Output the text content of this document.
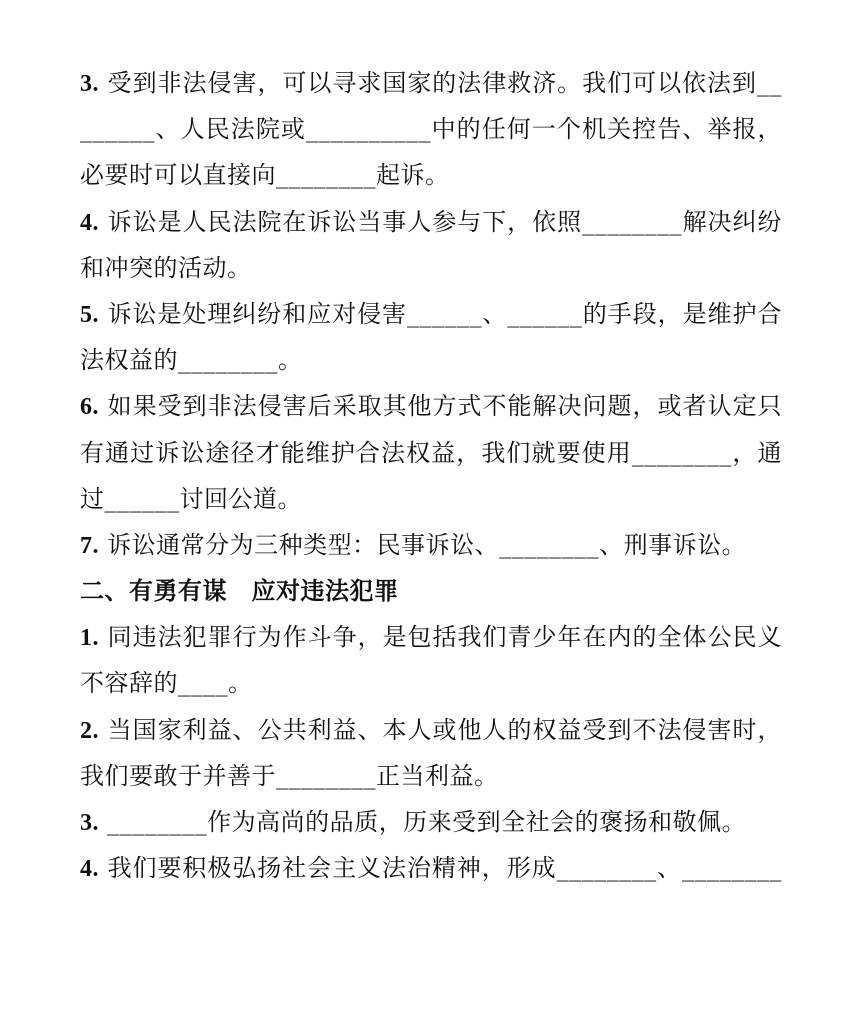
3. 受到非法侵害，可以寻求国家的法律救济。我们可以依法到__
______、人民法院或__________中的任何一个机关控告、举报，
必要时可以直接向________起诉。
4. 诉讼是人民法院在诉讼当事人参与下，依照________解决纠纷
和冲突的活动。
5. 诉讼是处理纠纷和应对侵害______、______的手段，是维护合
法权益的________。
6. 如果受到非法侵害后采取其他方式不能解决问题，或者认定只
有通过诉讼途径才能维护合法权益，我们就要使用________，通
过______讨回公道。
7. 诉讼通常分为三种类型：民事诉讼、________、刑事诉讼。
二、有勇有谋　应对违法犯罪
1. 同违法犯罪行为作斗争，是包括我们青少年在内的全体公民义
不容辞的____。
2. 当国家利益、公共利益、本人或他人的权益受到不法侵害时，
我们要敢于并善于________正当利益。
3. ________作为高尚的品质，历来受到全社会的褒扬和敬佩。
4. 我们要积极弘扬社会主义法治精神，形成________、________
